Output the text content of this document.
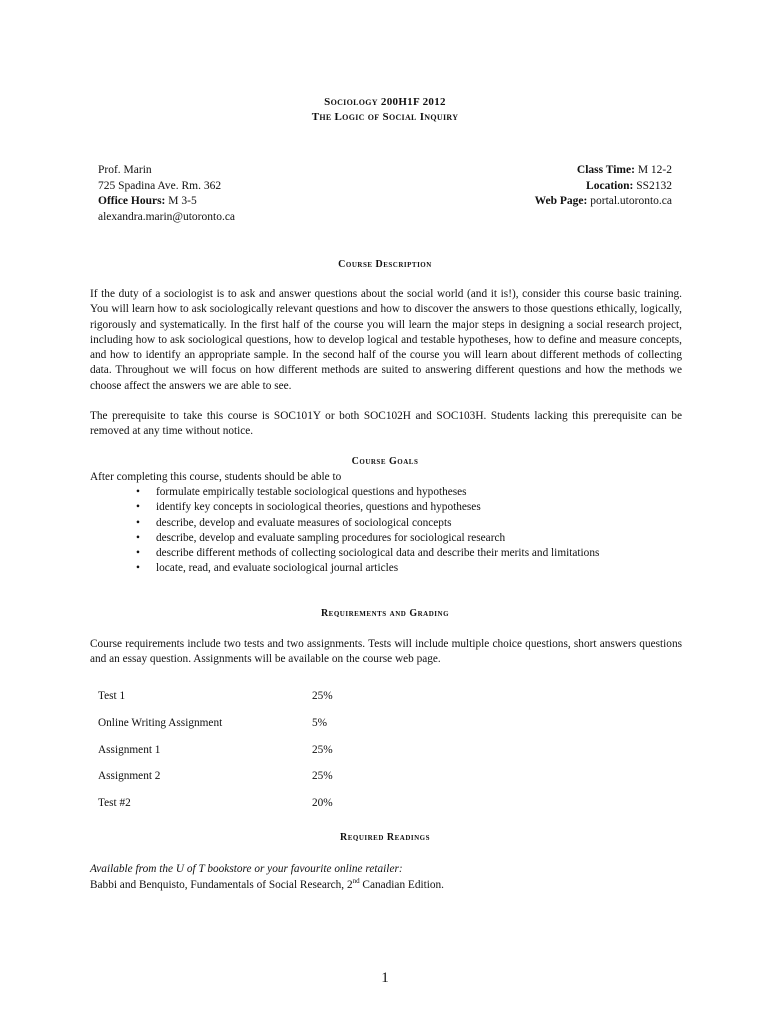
Sociology 200H1F 2012
The Logic of Social Inquiry
Prof. Marin
725 Spadina Ave. Rm. 362
Office Hours: M 3-5
alexandra.marin@utoronto.ca
Class Time: M 12-2
Location: SS2132
Web Page: portal.utoronto.ca
Course Description
If the duty of a sociologist is to ask and answer questions about the social world (and it is!), consider this course basic training. You will learn how to ask sociologically relevant questions and how to discover the answers to those questions ethically, logically, rigorously and systematically. In the first half of the course you will learn the major steps in designing a social research project, including how to ask sociological questions, how to develop logical and testable hypotheses, how to define and measure concepts, and how to identify an appropriate sample. In the second half of the course you will learn about different methods of collecting data. Throughout we will focus on how different methods are suited to answering different questions and how the methods we choose affect the answers we are able to see.
The prerequisite to take this course is SOC101Y or both SOC102H and SOC103H. Students lacking this prerequisite can be removed at any time without notice.
Course Goals
After completing this course, students should be able to
• formulate empirically testable sociological questions and hypotheses
• identify key concepts in sociological theories, questions and hypotheses
• describe, develop and evaluate measures of sociological concepts
• describe, develop and evaluate sampling procedures for sociological research
• describe different methods of collecting sociological data and describe their merits and limitations
• locate, read, and evaluate sociological journal articles
Requirements and Grading
Course requirements include two tests and two assignments. Tests will include multiple choice questions, short answers questions and an essay question. Assignments will be available on the course web page.
Test 1	25%
Online Writing Assignment	5%
Assignment 1	25%
Assignment 2	25%
Test #2	20%
Required Readings
Available from the U of T bookstore or your favourite online retailer:
Babbi and Benquisto, Fundamentals of Social Research, 2nd Canadian Edition.
1
